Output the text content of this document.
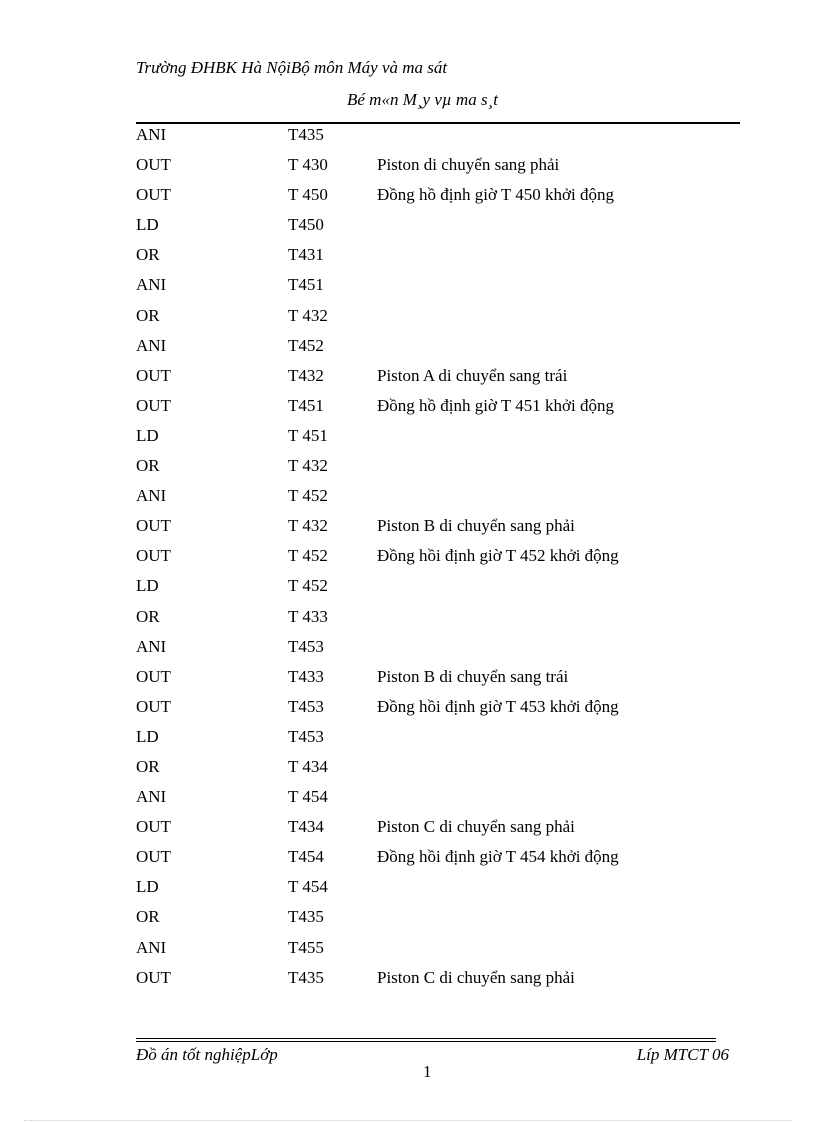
Trường ĐHBK Hà NộiBộ môn Máy và ma sát
Bé m«n M¸y vµ ma s¸t
ANI	T435
OUT	T 430	Piston di chuyển sang phải
OUT	T 450	Đồng hồ định giờ T 450 khởi động
LD	T450
OR	T431
ANI	T451
OR	T 432
ANI	T452
OUT	T432	Piston A di chuyển sang trái
OUT	T451	Đồng hồ định giờ T 451 khởi động
LD	T 451
OR	T 432
ANI	T 452
OUT	T 432	Piston B di chuyển sang phải
OUT	T 452	Đồng hồi định giờ T 452 khởi động
LD	T 452
OR	T 433
ANI	T453
OUT	T433	Piston B di chuyển sang trái
OUT	T453	Đồng hồi định giờ T 453 khởi động
LD	T453
OR	T 434
ANI	T 454
OUT	T434	Piston C di chuyển sang phải
OUT	T454	Đồng hồi định giờ T 454 khởi động
LD	T 454
OR	T435
ANI	T455
OUT	T435	Piston C di chuyển sang phải
Đồ án tốt nghiệpLớp	Líp MTCT 06
1
